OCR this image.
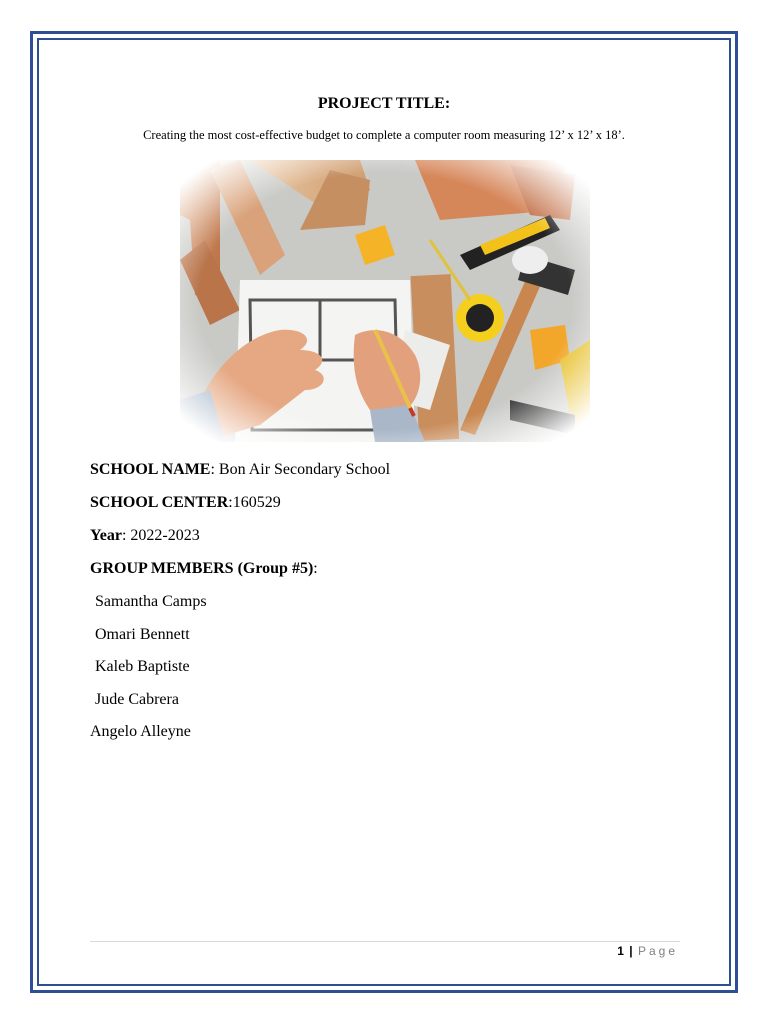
PROJECT TITLE:
Creating the most cost-effective budget to complete a computer room measuring 12’ x 12’ x 18’.
SCHOOL NAME: Bon Air Secondary School
SCHOOL CENTER:160529
Year: 2022-2023
GROUP MEMBERS (Group #5):
Samantha Camps
Omari Bennett
Kaleb Baptiste
Jude Cabrera
Angelo Alleyne
1 | Page
